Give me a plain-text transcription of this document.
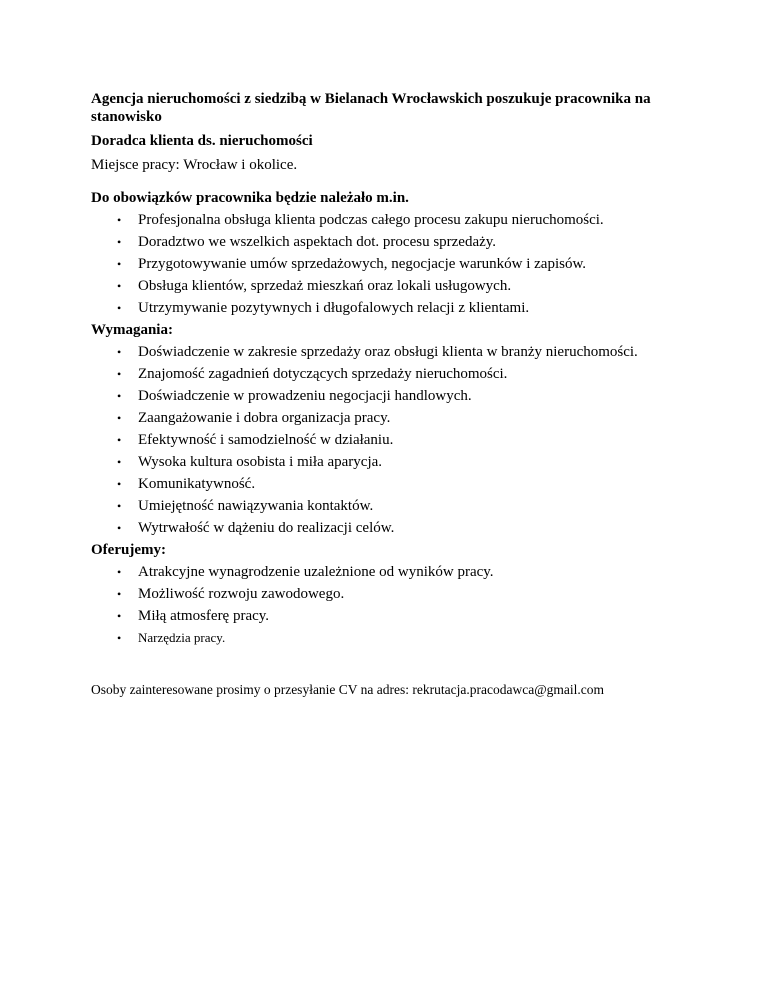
Agencja nieruchomości z siedzibą w Bielanach Wrocławskich poszukuje pracownika na stanowisko

Doradca klienta ds. nieruchomości

Miejsce pracy: Wrocław i okolice.

Do obowiązków pracownika będzie należało m.in.

• Profesjonalna obsługa klienta podczas całego procesu zakupu nieruchomości.
• Doradztwo we wszelkich aspektach dot. procesu sprzedaży.
• Przygotowywanie umów sprzedażowych, negocjacje warunków i zapisów.
• Obsługa klientów, sprzedaż mieszkań oraz lokali usługowych.
• Utrzymywanie pozytywnych i długofalowych relacji z klientami.

Wymagania:

• Doświadczenie w zakresie sprzedaży oraz obsługi klienta w branży nieruchomości.
• Znajomość zagadnień dotyczących sprzedaży nieruchomości.
• Doświadczenie w prowadzeniu negocjacji handlowych.
• Zaangażowanie i dobra organizacja pracy.
• Efektywność i samodzielność w działaniu.
• Wysoka kultura osobista i miła aparycja.
• Komunikatywność.
• Umiejętność nawiązywania kontaktów.
• Wytrwałość w dążeniu do realizacji celów.

Oferujemy:

• Atrakcyjne wynagrodzenie uzależnione od wyników pracy.
• Możliwość rozwoju zawodowego.
• Miłą atmosferę pracy.
• Narzędzia pracy.

Osoby zainteresowane prosimy o przesyłanie CV na adres: rekrutacja.pracodawca@gmail.com
